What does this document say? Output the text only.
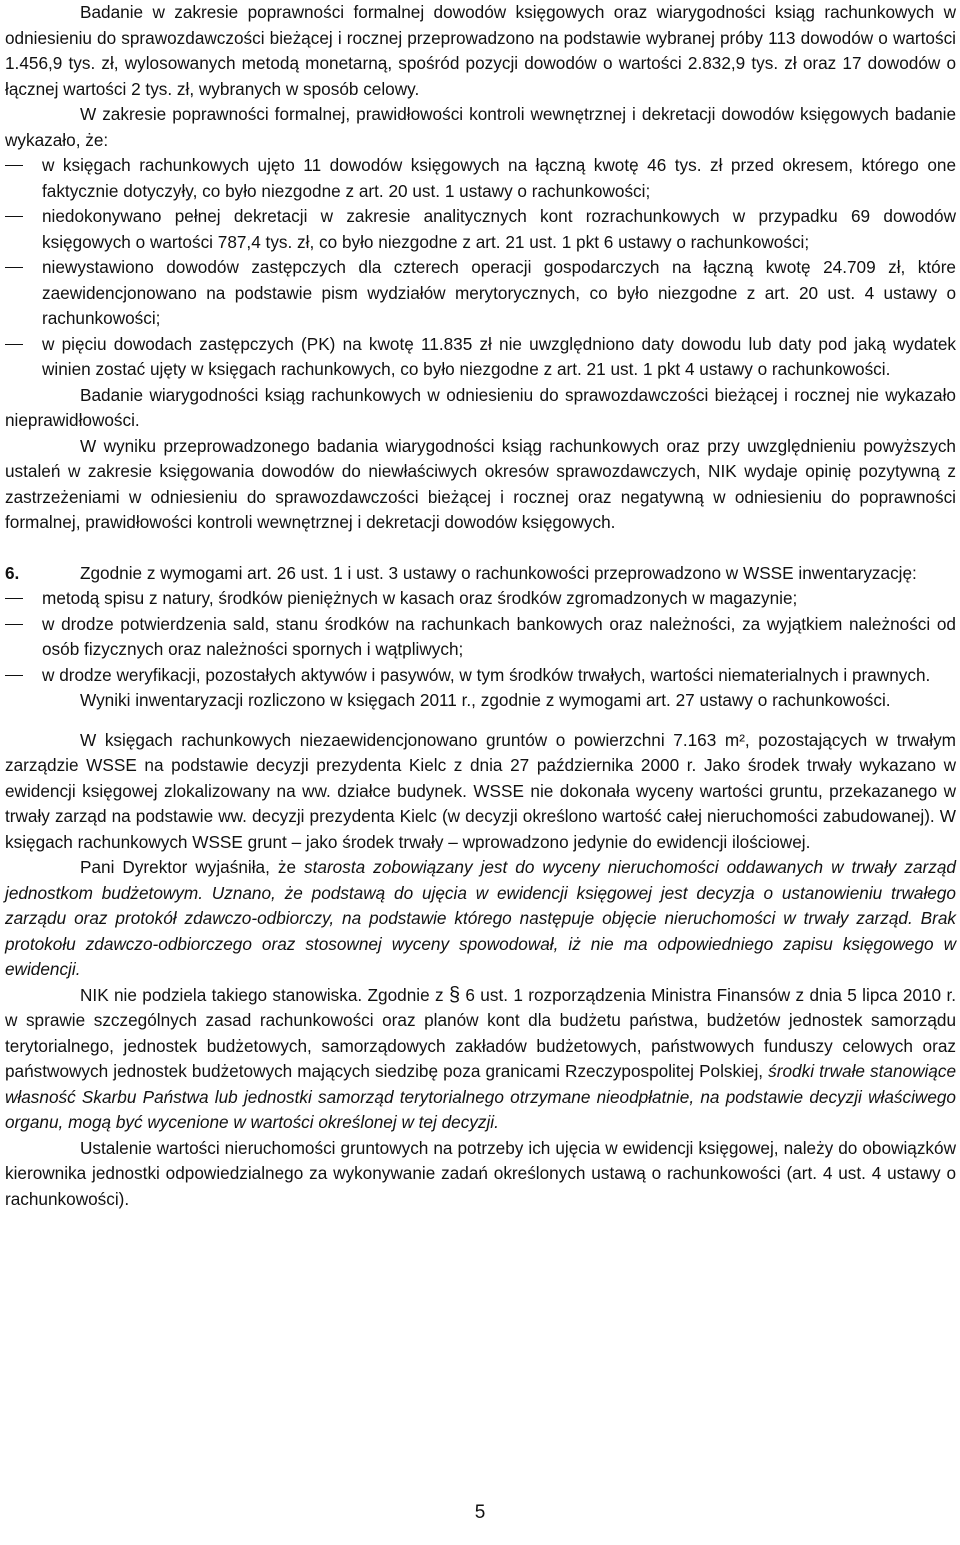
Badanie w zakresie poprawności formalnej dowodów księgowych oraz wiarygodności ksiąg rachunkowych w odniesieniu do sprawozdawczości bieżącej i rocznej przeprowadzono na podstawie wybranej próby 113 dowodów o wartości 1.456,9 tys. zł, wylosowanych metodą monetarną, spośród pozycji dowodów o wartości 2.832,9 tys. zł oraz 17 dowodów o łącznej wartości 2 tys. zł, wybranych w sposób celowy.

W zakresie poprawności formalnej, prawidłowości kontroli wewnętrznej i dekretacji dowodów księgowych badanie wykazało, że:

w księgach rachunkowych ujęto 11 dowodów księgowych na łączną kwotę 46 tys. zł przed okresem, którego one faktycznie dotyczyły, co było niezgodne z art. 20 ust. 1 ustawy o rachunkowości;
niedokonywano pełnej dekretacji w zakresie analitycznych kont rozrachunkowych w przypadku 69 dowodów księgowych o wartości 787,4 tys. zł, co było niezgodne z art. 21 ust. 1 pkt 6 ustawy o rachunkowości;
niewystawiono dowodów zastępczych dla czterech operacji gospodarczych na łączną kwotę 24.709 zł, które zaewidencjonowano na podstawie pism wydziałów merytorycznych, co było niezgodne z art. 20 ust. 4 ustawy o rachunkowości;
w pięciu dowodach zastępczych (PK) na kwotę 11.835 zł nie uwzględniono daty dowodu lub daty pod jaką wydatek winien zostać ujęty w księgach rachunkowych, co było niezgodne z art. 21 ust. 1 pkt 4 ustawy o rachunkowości.

Badanie wiarygodności ksiąg rachunkowych w odniesieniu do sprawozdawczości bieżącej i rocznej nie wykazało nieprawidłowości.

W wyniku przeprowadzonego badania wiarygodności ksiąg rachunkowych oraz przy uwzględnieniu powyższych ustaleń w zakresie księgowania dowodów do niewłaściwych okresów sprawozdawczych, NIK wydaje opinię pozytywną z zastrzeżeniami w odniesieniu do sprawozdawczości bieżącej i rocznej oraz negatywną w odniesieniu do poprawności formalnej, prawidłowości kontroli wewnętrznej i dekretacji dowodów księgowych.

6.	Zgodnie z wymogami art. 26 ust. 1 i ust. 3 ustawy o rachunkowości przeprowadzono w WSSE inwentaryzację:

metodą spisu z natury, środków pieniężnych w kasach oraz środków zgromadzonych w magazynie;
w drodze potwierdzenia sald, stanu środków na rachunkach bankowych oraz należności, za wyjątkiem należności od osób fizycznych oraz należności spornych i wątpliwych;
w drodze weryfikacji, pozostałych aktywów i pasywów, w tym środków trwałych, wartości niematerialnych i prawnych.

Wyniki inwentaryzacji rozliczono w księgach 2011 r., zgodnie z wymogami art. 27 ustawy o rachunkowości.

W księgach rachunkowych niezaewidencjonowano gruntów o powierzchni 7.163 m², pozostających w trwałym zarządzie WSSE na podstawie decyzji prezydenta Kielc z dnia 27 października 2000 r. Jako środek trwały wykazano w ewidencji księgowej zlokalizowany na ww. działce budynek. WSSE nie dokonała wyceny wartości gruntu, przekazanego w trwały zarząd na podstawie ww. decyzji prezydenta Kielc (w decyzji określono wartość całej nieruchomości zabudowanej). W księgach rachunkowych WSSE grunt – jako środek trwały – wprowadzono jedynie do ewidencji ilościowej.

Pani Dyrektor wyjaśniła, że starosta zobowiązany jest do wyceny nieruchomości oddawanych w trwały zarząd jednostkom budżetowym. Uznano, że podstawą do ujęcia w ewidencji księgowej jest decyzja o ustanowieniu trwałego zarządu oraz protokół zdawczo-odbiorczy, na podstawie którego następuje objęcie nieruchomości w trwały zarząd. Brak protokołu zdawczo-odbiorczego oraz stosownej wyceny spowodował, iż nie ma odpowiedniego zapisu księgowego w ewidencji.

NIK nie podziela takiego stanowiska. Zgodnie z § 6 ust. 1 rozporządzenia Ministra Finansów z dnia 5 lipca 2010 r. w sprawie szczególnych zasad rachunkowości oraz planów kont dla budżetu państwa, budżetów jednostek samorządu terytorialnego, jednostek budżetowych, samorządowych zakładów budżetowych, państwowych funduszy celowych oraz państwowych jednostek budżetowych mających siedzibę poza granicami Rzeczypospolitej Polskiej, środki trwałe stanowiące własność Skarbu Państwa lub jednostki samorząd terytorialnego otrzymane nieodpłatnie, na podstawie decyzji właściwego organu, mogą być wycenione w wartości określonej w tej decyzji.

Ustalenie wartości nieruchomości gruntowych na potrzeby ich ujęcia w ewidencji księgowej, należy do obowiązków kierownika jednostki odpowiedzialnego za wykonywanie zadań określonych ustawą o rachunkowości (art. 4 ust. 4 ustawy o rachunkowości).

5
